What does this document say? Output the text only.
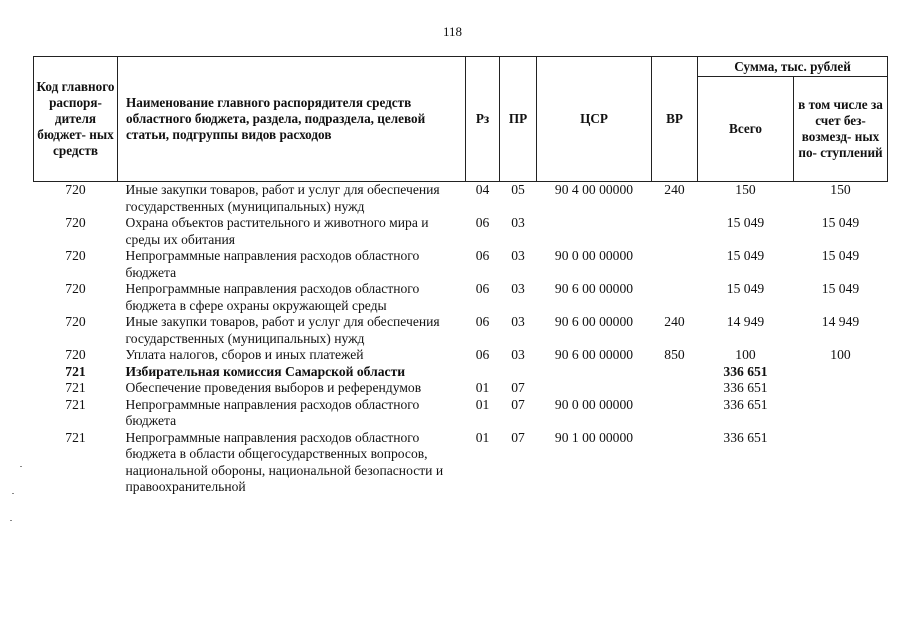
118
Код главного распоря- дителя бюджет- ных средств	Наименование главного распорядителя средств областного бюджета, раздела, подраздела, целевой статьи, подгруппы видов расходов	Рз	ПР	ЦСР	ВР	Сумма, тыс. рублей	
						Всего	в том числе за счет без- возмезд- ных по- ступлений
720	Иные закупки товаров, работ и услуг для обеспечения государственных (муниципальных) нужд	04	05	90 4 00 00000	240	150	150
720	Охрана объектов растительного и животного мира и среды их обитания	06	03			15 049	15 049
720	Непрограммные направления расходов областного бюджета	06	03	90 0 00 00000		15 049	15 049
720	Непрограммные направления расходов областного бюджета в сфере охраны окружающей среды	06	03	90 6 00 00000		15 049	15 049
720	Иные закупки товаров, работ и услуг для обеспечения государственных (муниципальных) нужд	06	03	90 6 00 00000	240	14 949	14 949
720	Уплата налогов, сборов и иных платежей	06	03	90 6 00 00000	850	100	100
721	Избирательная комиссия Самарской области					336 651	
721	Обеспечение проведения выборов и референдумов	01	07			336 651	
721	Непрограммные направления расходов областного бюджета	01	07	90 0 00 00000		336 651	
721	Непрограммные направления расходов областного бюджета в области общегосударственных вопросов, национальной обороны, национальной безопасности и правоохранительной	01	07	90 1 00 00000		336 651	
